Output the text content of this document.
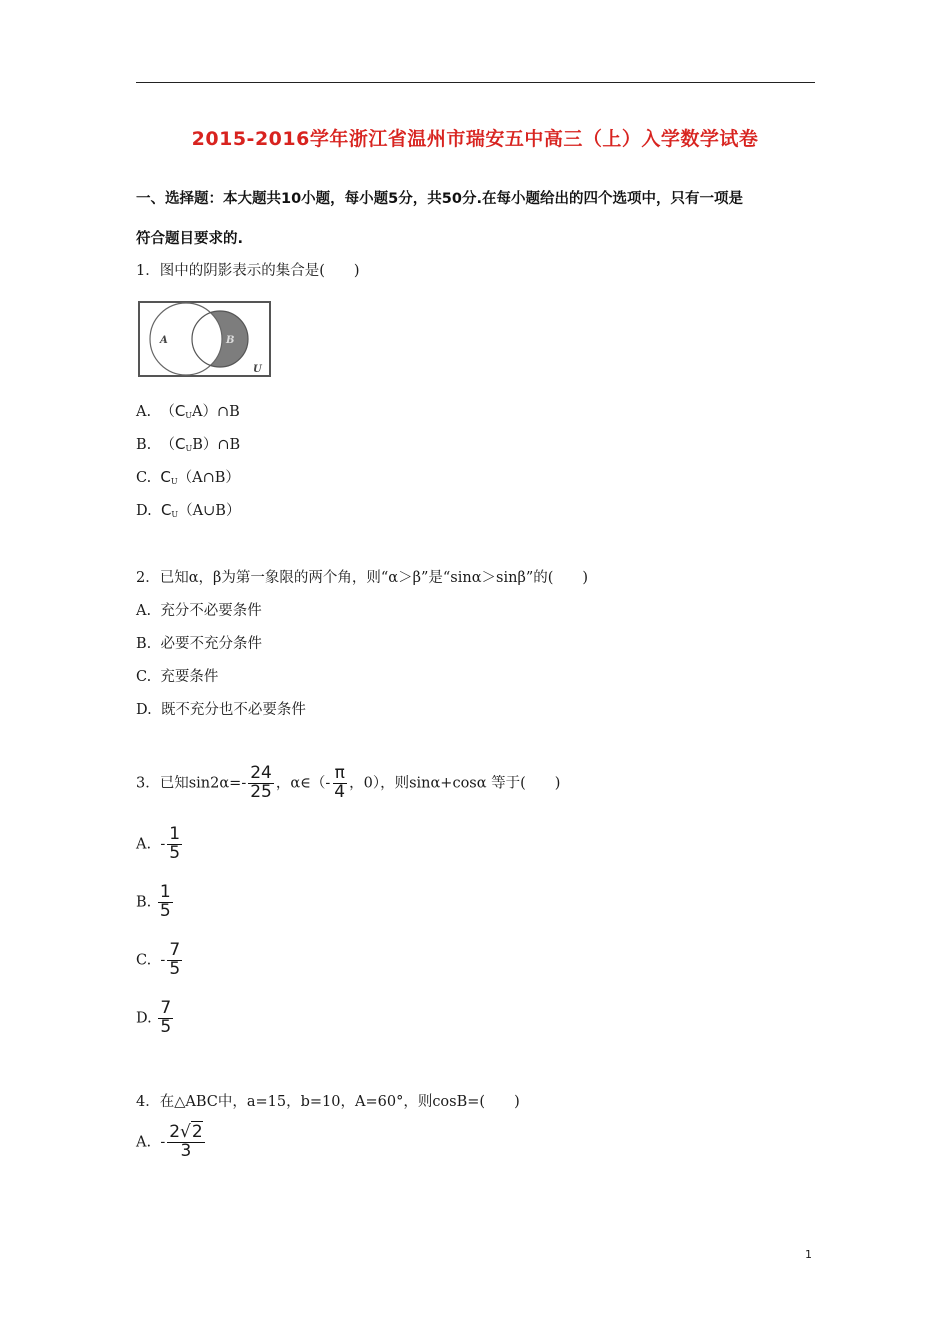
2015-2016学年浙江省温州市瑞安五中高三（上）入学数学试卷
一、选择题：本大题共10小题，每小题5分，共50分.在每小题给出的四个选项中，只有一项是
符合题目要求的.
1．图中的阴影表示的集合是(　　)
A	B
U
A. $(C_UA)\cap B$
B. $(C_UB)\cap B$
C. $C_U(A\cap B)$
D. $C_U(A\cup B)$
2．已知α，β为第一象限的两个角，则“α＞β”是“sinα＞sinβ”的(　　)
A. 充分不必要条件
B. 必要不充分条件
C. 充要条件
D. 既不充分也不必要条件
3．已知$\sin 2\alpha=- \frac{24}{25}$ ，α∈（- $\frac{\pi}{4}$ ，0），则sinα+cosα 等于(　　)
A. - $\frac{1}{5}$
B. $\frac{1}{5}$
C. - $\frac{7}{5}$
D. $\frac{7}{5}$
4．在△ABC中，a=15，b=10，A=60°，则cosB=(　　)
A. - $\frac{2√2}{3}$
1
